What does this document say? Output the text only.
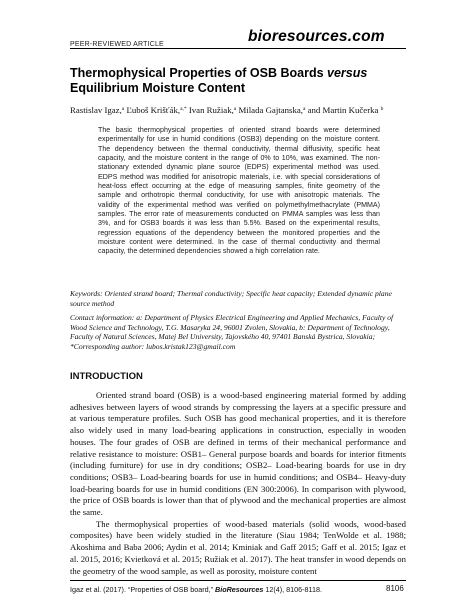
PEER-REVIEWED ARTICLE	bioresources.com
Thermophysical Properties of OSB Boards versus Equilibrium Moisture Content
Rastislav Igaz,$^a$ Ľuboš Krišťák,$^{a,*}$ Ivan Ružiak,$^a$ Milada Gajtanska,$^a$ and Martin Kučerka $^b$
The basic thermophysical properties of oriented strand boards were determined experimentally for use in humid conditions (OSB3) depending on the moisture content. The dependency between the thermal conductivity, thermal diffusivity, specific heat capacity, and the moisture content in the range of 0% to 10%, was examined. The non-stationary extended dynamic plane source (EDPS) experimental method was used. EDPS method was modified for anisotropic materials, i.e. with special considerations of heat-loss effect occurring at the edge of measuring samples, finite geometry of the sample and orthotropic thermal conductivity, for use with anisotropic materials. The validity of the experimental method was verified on polymethylmethacrylate (PMMA) samples. The error rate of measurements conducted on PMMA samples was less than 3%, and for OSB3 boards it was less than 5.5%. Based on the experimental results, regression equations of the dependency between the monitored properties and the moisture content were determined. In the case of thermal conductivity and thermal capacity, the determined dependencies showed a high correlation rate.
Keywords: Oriented strand board; Thermal conductivity; Specific heat capacity; Extended dynamic plane source method
Contact information: a: Department of Physics Electrical Engineering and Applied Mechanics, Faculty of Wood Science and Technology, T.G. Masaryka 24, 96001 Zvolen, Slovakia, b: Department of Technology, Faculty of Natural Sciences, Matej Bel University, Tajovského 40, 97401 Banská Bystrica, Slovakia; *Corresponding author: lubos.kristak123@gmail.com
INTRODUCTION

Oriented strand board (OSB) is a wood-based engineering material formed by adding adhesives between layers of wood strands by compressing the layers at a specific pressure and at various temperature profiles. Such OSB has good mechanical properties, and it is therefore also widely used in many load-bearing applications in construction, especially in wooden houses. The four grades of OSB are defined in terms of their mechanical performance and relative resistance to moisture: OSB1– General purpose boards and boards for interior fitments (including furniture) for use in dry conditions; OSB2– Load-bearing boards for use in dry conditions; OSB3– Load-bearing boards for use in humid conditions; and OSB4– Heavy-duty load-bearing boards for use in humid conditions (EN 300:2006). In comparison with plywood, the price of OSB boards is lower than that of plywood and the mechanical properties are almost the same.

The thermophysical properties of wood-based materials (solid woods, wood-based composites) have been widely studied in the literature (Siau 1984; TenWolde et al. 1988; Akoshima and Baba 2006; Aydin et al. 2014; Kminiak and Gaff 2015; Gaff et al. 2015; Igaz et al. 2015, 2016; Kvietková et al. 2015; Ružiak et al. 2017). The heat transfer in wood depends on the geometry of the wood sample, as well as porosity, moisture content

Igaz et al. (2017). “Properties of OSB board,” BioResources 12(4), 8106-8118.	8106
